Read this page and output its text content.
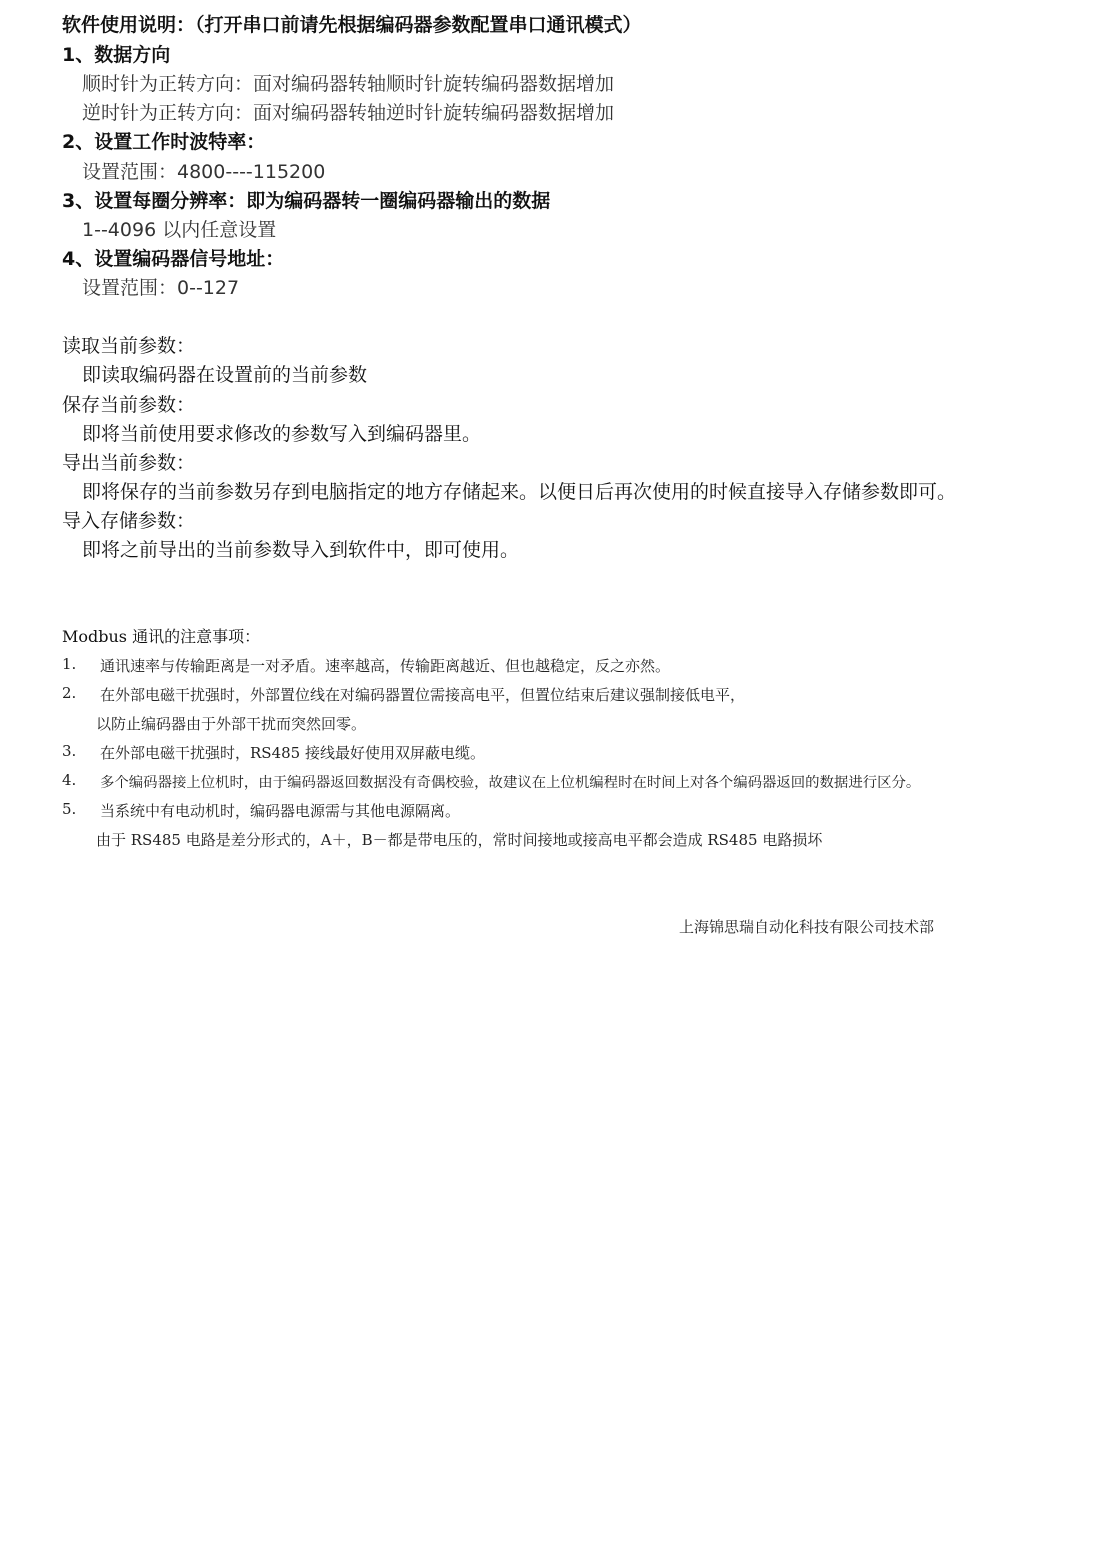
软件使用说明：（打开串口前请先根据编码器参数配置串口通讯模式）
1、数据方向
顺时针为正转方向：面对编码器转轴顺时针旋转编码器数据增加
逆时针为正转方向：面对编码器转轴逆时针旋转编码器数据增加
2、设置工作时波特率：
设置范围：4800----115200
3、设置每圈分辨率：即为编码器转一圈编码器输出的数据
1--4096 以内任意设置
4、设置编码器信号地址：
设置范围：0--127
读取当前参数：
即读取编码器在设置前的当前参数
保存当前参数：
即将当前使用要求修改的参数写入到编码器里。
导出当前参数：
即将保存的当前参数另存到电脑指定的地方存储起来。以便日后再次使用的时候直接导入存储参数即可。
导入存储参数：
即将之前导出的当前参数导入到软件中，即可使用。
Modbus 通讯的注意事项：
1. 通讯速率与传输距离是一对矛盾。速率越高，传输距离越近、但也越稳定，反之亦然。
2. 在外部电磁干扰强时，外部置位线在对编码器置位需接高电平，但置位结束后建议强制接低电平，
以防止编码器由于外部干扰而突然回零。
3. 在外部电磁干扰强时，RS485 接线最好使用双屏蔽电缆。
4. 多个编码器接上位机时，由于编码器返回数据没有奇偶校验，故建议在上位机编程时在时间上对各个编码器返回的数据进行区分。
5. 当系统中有电动机时，编码器电源需与其他电源隔离。
由于 RS485 电路是差分形式的，A＋，B－都是带电压的，常时间接地或接高电平都会造成 RS485 电路损坏
上海锦思瑞自动化科技有限公司技术部
